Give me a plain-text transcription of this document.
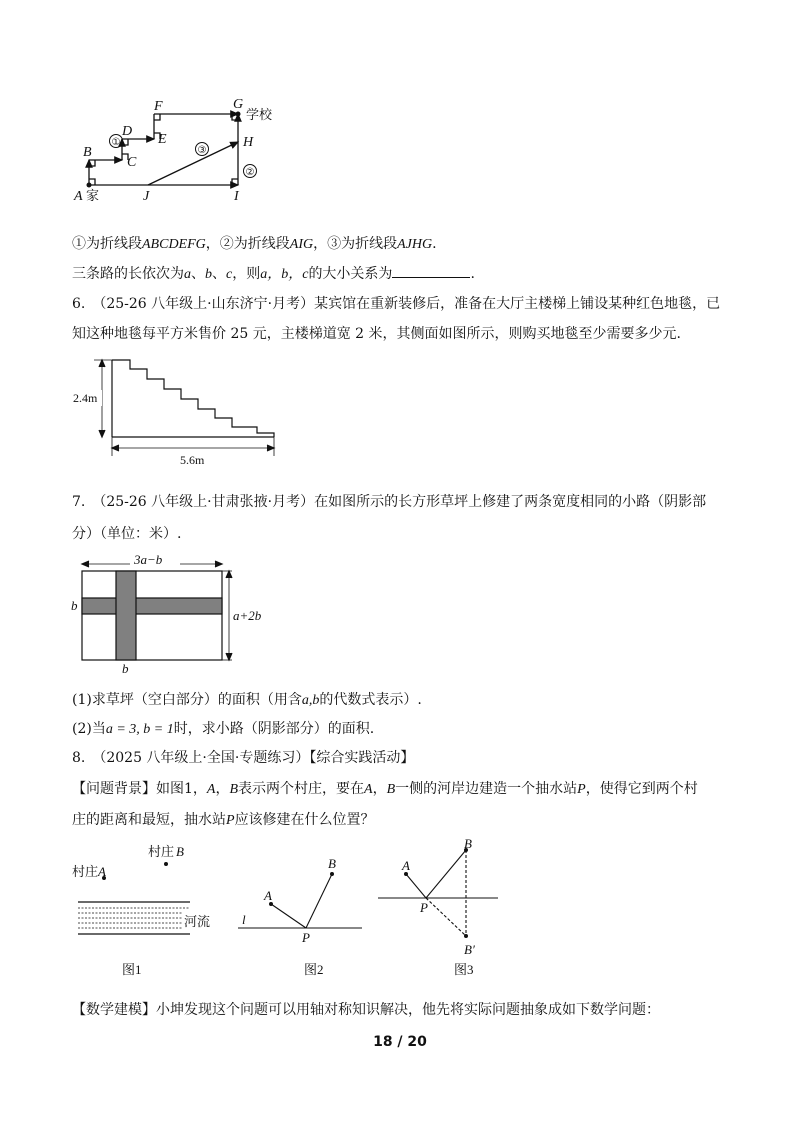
A
B
C
D
E
F	G
H
I
J
家
学校
①
②
③
①为折线段ABCDEFG，②为折线段AIG，③为折线段AJHG.
三条路的长依次为a、b、c，则a，b，c的大小关系为	.
6.　（25-26 八年级上·山东济宁·月考）某宾馆在重新装修后，准备在大厅主楼梯上铺设某种红色地毯，已
知这种地毯每平方米售价 25 元，主楼梯道宽 2 米，其侧面如图所示，则购买地毯至少需要多少元.
2.4m
5.6m
7.　（25-26 八年级上·甘肃张掖·月考）在如图所示的长方形草坪上修建了两条宽度相同的小路（阴影部
分）（单位：米）.
3a−b
a+2b
b
b
(1)求草坪（空白部分）的面积（用含a,b的代数式表示）.
(2)当a = 3, b = 1时，求小路（阴影部分）的面积.
8.　（2025 八年级上·全国·专题练习）【综合实践活动】
【问题背景】如图1，A，B表示两个村庄，要在A，B一侧的河岸边建造一个抽水站P，使得它到两个村
庄的距离和最短，抽水站P应该修建在什么位置？
村庄 A
村庄 B
河流
图1
A
B
P
l
图2
A
B
P
B′
图3
【数学建模】小坤发现这个问题可以用轴对称知识解决，他先将实际问题抽象成如下数学问题：
18 / 20
